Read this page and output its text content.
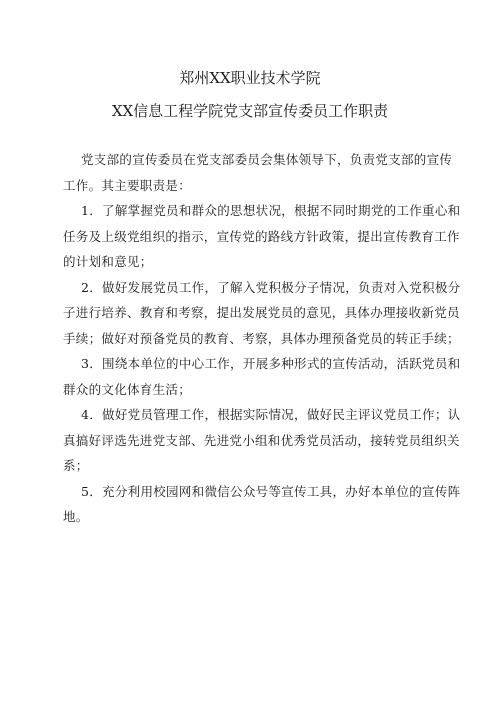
郑州XX职业技术学院
XX信息工程学院党支部宣传委员工作职责

党支部的宣传委员在党支部委员会集体领导下，负责党支部的宣传工作。其主要职责是：

1．了解掌握党员和群众的思想状况，根据不同时期党的工作重心和任务及上级党组织的指示，宣传党的路线方针政策，提出宣传教育工作的计划和意见；

2．做好发展党员工作，了解入党积极分子情况，负责对入党积极分子进行培养、教育和考察，提出发展党员的意见，具体办理接收新党员手续；做好对预备党员的教育、考察，具体办理预备党员的转正手续；

3．围绕本单位的中心工作，开展多种形式的宣传活动，活跃党员和群众的文化体育生活；

4．做好党员管理工作，根据实际情况，做好民主评议党员工作；认真搞好评选先进党支部、先进党小组和优秀党员活动，接转党员组织关系；

5．充分利用校园网和微信公众号等宣传工具，办好本单位的宣传阵地。
